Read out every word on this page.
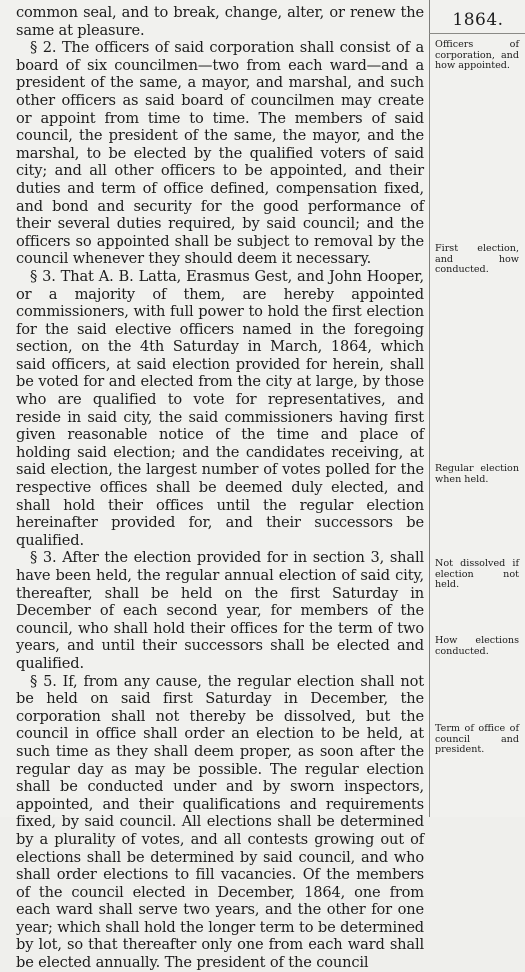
common seal, and to break, change, alter, or renew the same at pleasure.

§ 2. The officers of said corporation shall consist of a board of six councilmen—two from each ward—and a president of the same, a mayor, and marshal, and such other officers as said board of councilmen may create or appoint from time to time. The members of said council, the president of the same, the mayor, and the marshal, to be elected by the qualified voters of said city; and all other officers to be appointed, and their duties and term of office defined, compensation fixed, and bond and security for the good performance of their several duties required, by said council; and the officers so appointed shall be subject to removal by the council whenever they should deem it necessary.

§ 3. That A. B. Latta, Erasmus Gest, and John Hooper, or a majority of them, are hereby appointed commissioners, with full power to hold the first election for the said elective officers named in the foregoing section, on the 4th Saturday in March, 1864, which said officers, at said election provided for herein, shall be voted for and elected from the city at large, by those who are qualified to vote for representatives, and reside in said city, the said commissioners having first given reasonable notice of the time and place of holding said election; and the candidates receiving, at said election, the largest number of votes polled for the respective offices shall be deemed duly elected, and shall hold their offices until the regular election hereinafter provided for, and their successors be qualified.

§ 3. After the election provided for in section 3, shall have been held, the regular annual election of said city, thereafter, shall be held on the first Saturday in December of each second year, for members of the council, who shall hold their offices for the term of two years, and until their successors shall be elected and qualified.

§ 5. If, from any cause, the regular election shall not be held on said first Saturday in December, the corporation shall not thereby be dissolved, but the council in office shall order an election to be held, at such time as they shall deem proper, as soon after the regular day as may be possible. The regular election shall be conducted under and by sworn inspectors, appointed, and their qualifications and requirements fixed, by said council. All elections shall be determined by a plurality of votes, and all contests growing out of elections shall be determined by said council, and who shall order elections to fill vacancies. Of the members of the council elected in December, 1864, one from each ward shall serve two years, and the other for one year; which shall hold the longer term to be determined by lot, so that thereafter only one from each ward shall be elected annually. The president of the council

1864.
Officers of corporation, and how appointed.
First election, and how conducted.
Regular election when held.
Not dissolved if election not held.
How elections conducted.
Term of office of council and president.
